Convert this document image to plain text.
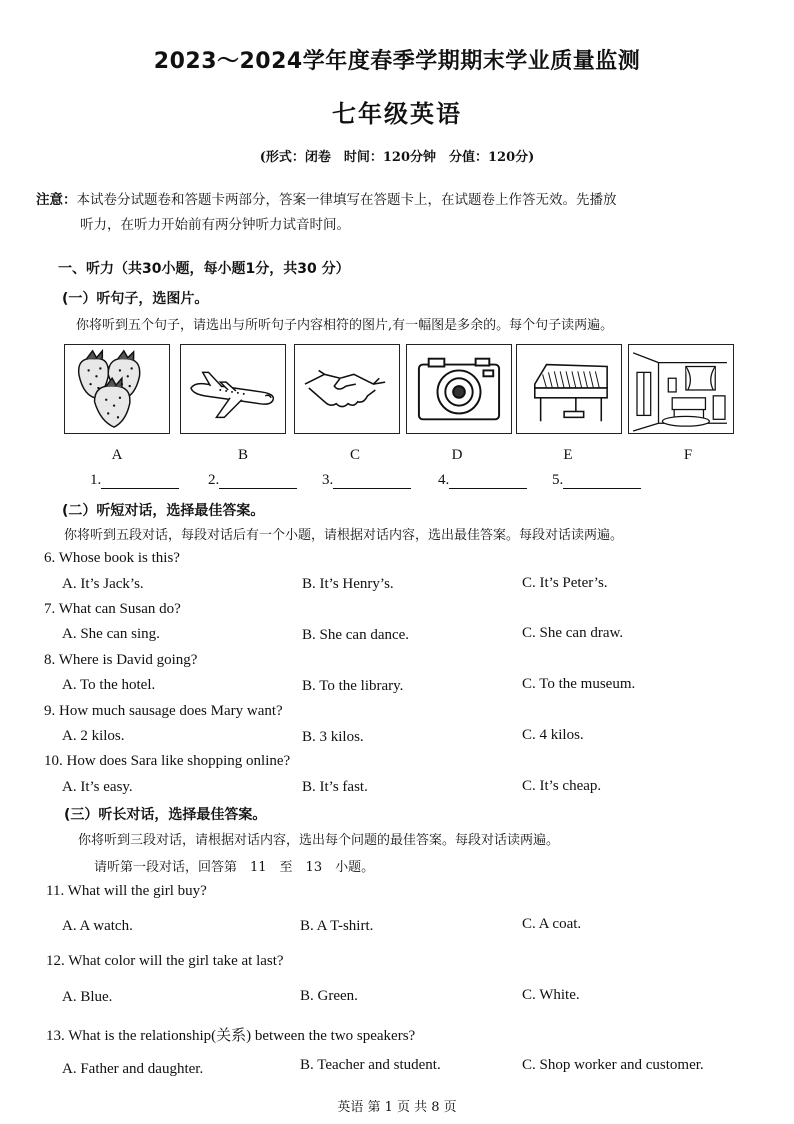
2023～2024学年度春季学期期末学业质量监测
七年级英语
(形式：闭卷　时间：120分钟　分值：120分)
注意：本试卷分试题卷和答题卡两部分，答案一律填写在答题卡上，在试题卷上作答无效。先播放
听力，在听力开始前有两分钟听力试音时间。
一、听力（共30小题，每小题1分，共30 分）
(一）听句子，选图片。
你将听到五个句子，请选出与所听句子内容相符的图片,有一幅图是多余的。每个句子读两遍。
A	B	C	D	E	F
1.	2.	3.	4.	5.
(二）听短对话，选择最佳答案。
你将听到五段对话，每段对话后有一个小题，请根据对话内容，选出最佳答案。每段对话读两遍。
6. Whose book is this?
A. It’s Jack’s.	B. It’s Henry’s.	C. It’s Peter’s.
7. What can Susan do?
A. She can sing.	B. She can dance.	C. She can draw.
8. Where is David going?
A. To the hotel.	B. To the library.	C. To the museum.
9. How much sausage does Mary want?
A. 2 kilos.	B. 3 kilos.	C. 4 kilos.
10. How does Sara like shopping online?
A. It’s easy.	B. It’s fast.	C. It’s cheap.
(三）听长对话，选择最佳答案。
你将听到三段对话，请根据对话内容，选出每个问题的最佳答案。每段对话读两遍。
请听第一段对话，回答第　11　至　13　小题。
11. What will the girl buy?
A. A watch.	B. A T-shirt.	C. A coat.
12. What color will the girl take at last?
A. Blue.	B. Green.	C. White.
13. What is the relationship(关系) between the two speakers?
A. Father and daughter.	B. Teacher and student.	C. Shop worker and customer.
英语 第 1 页 共 8 页
